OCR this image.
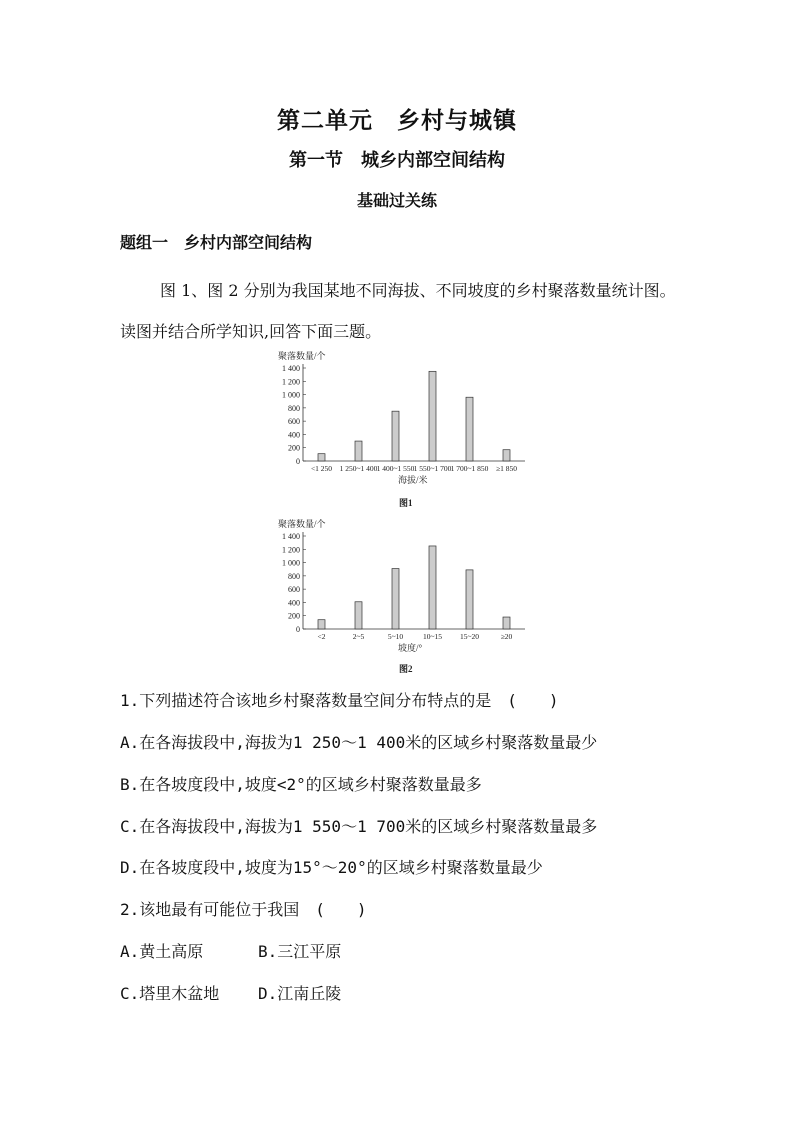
第二单元　乡村与城镇
第一节　城乡内部空间结构
基础过关练
题组一　乡村内部空间结构
图 1、图 2 分别为我国某地不同海拔、不同坡度的乡村聚落数量统计图。读图并结合所学知识,回答下面三题。
聚落数量/个
0
200
400
600
800
1 000
1 200
1 400
<1 250 1 250~1 400 1 400~1 550 1 550~1 700 1 700~1 850 ≥1 850
海拔/米
图1
聚落数量/个
0
200
400
600
800
1 000
1 200
1 400
<2	2~5	5~10	10~15 15~20	≥20
坡度/°
图2
1.下列描述符合该地乡村聚落数量空间分布特点的是　(　　)
A.在各海拔段中,海拔为1 250～1 400米的区域乡村聚落数量最少
B.在各坡度段中,坡度<2°的区域乡村聚落数量最多
C.在各海拔段中,海拔为1 550～1 700米的区域乡村聚落数量最多
D.在各坡度段中,坡度为15°～20°的区域乡村聚落数量最少
2.该地最有可能位于我国　(　　)
A.黄土高原	B.三江平原
C.塔里木盆地 D.江南丘陵
